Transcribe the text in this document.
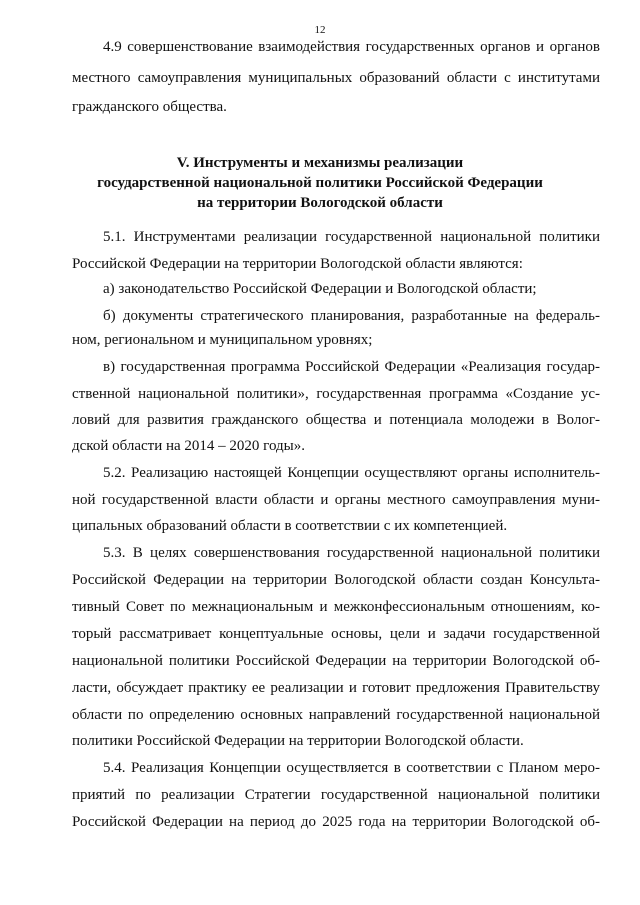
12
4.9 совершенствование взаимодействия государственных органов и органов
местного самоуправления муниципальных образований области с институтами
гражданского общества.
V. Инструменты и механизмы реализации
государственной национальной политики Российской Федерации
на территории Вологодской области
5.1. Инструментами реализации государственной национальной политики
Российской Федерации на территории Вологодской области являются:
а) законодательство Российской Федерации и Вологодской области;
б) документы стратегического планирования, разработанные на федераль-
ном, региональном и муниципальном уровнях;
в) государственная программа Российской Федерации «Реализация государ-
ственной национальной политики», государственная программа «Создание ус-
ловий для развития гражданского общества и потенциала молодежи в Волог-
дской области на 2014 – 2020 годы».
5.2. Реализацию настоящей Концепции осуществляют органы исполнитель-
ной государственной власти области и органы местного самоуправления муни-
ципальных образований области в соответствии с их компетенцией.
5.3. В целях совершенствования государственной национальной политики
Российской Федерации на территории Вологодской области создан Консульта-
тивный Совет по межнациональным и межконфессиональным отношениям, ко-
торый рассматривает концептуальные основы, цели и задачи государственной
национальной политики Российской Федерации на территории Вологодской об-
ласти, обсуждает практику ее реализации и готовит предложения Правительству
области по определению основных направлений государственной национальной
политики Российской Федерации на территории Вологодской области.
5.4. Реализация Концепции осуществляется в соответствии с Планом меро-
приятий по реализации Стратегии государственной национальной политики
Российской Федерации на период до 2025 года на территории Вологодской об-
